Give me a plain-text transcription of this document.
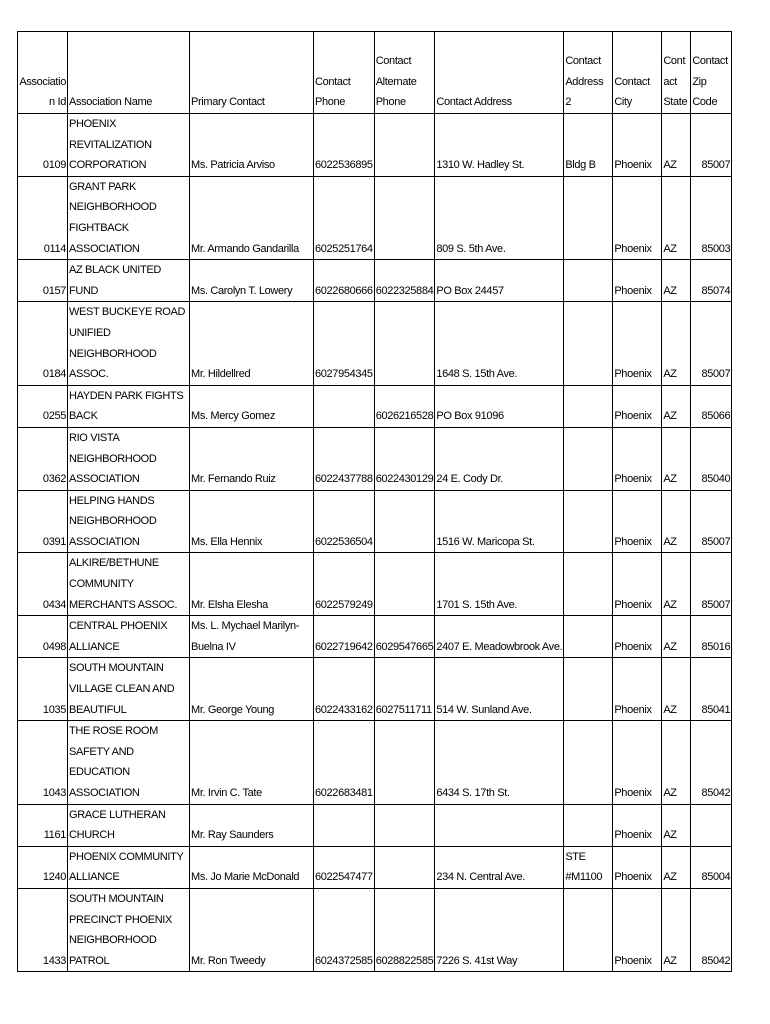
Association Id	Association Name	Primary Contact	Contact Phone	Contact Alternate Phone	Contact Address	Contact Address 2	Contact City	Contact State	Contact Zip Code
0109	PHOENIX REVITALIZATION CORPORATION	Ms. Patricia Arviso	6022536895		1310 W. Hadley St.	Bldg B	Phoenix	AZ	85007
0114	GRANT PARK NEIGHBORHOOD FIGHTBACK ASSOCIATION	Mr. Armando Gandarilla	6025251764		809 S. 5th Ave.		Phoenix	AZ	85003
0157	AZ BLACK UNITED FUND	Ms. Carolyn T. Lowery	6022680666	6022325884	PO Box 24457		Phoenix	AZ	85074
0184	WEST BUCKEYE ROAD UNIFIED NEIGHBORHOOD ASSOC.	Mr. Hildellred	6027954345		1648 S. 15th Ave.		Phoenix	AZ	85007
0255	HAYDEN PARK FIGHTS BACK	Ms. Mercy Gomez		6026216528	PO Box 91096		Phoenix	AZ	85066
0362	RIO VISTA NEIGHBORHOOD ASSOCIATION	Mr. Fernando Ruiz	6022437788	6022430129	24 E. Cody Dr.		Phoenix	AZ	85040
0391	HELPING HANDS NEIGHBORHOOD ASSOCIATION	Ms. Ella Hennix	6022536504		1516 W. Maricopa St.		Phoenix	AZ	85007
0434	ALKIRE/BETHUNE COMMUNITY MERCHANTS ASSOC.	Mr. Elsha Elesha	6022579249		1701 S. 15th Ave.		Phoenix	AZ	85007
0498	CENTRAL PHOENIX ALLIANCE	Ms. L. Mychael Marilyn-Buelna IV	6022719642	6029547665	2407 E. Meadowbrook Ave.		Phoenix	AZ	85016
1035	SOUTH MOUNTAIN VILLAGE CLEAN AND BEAUTIFUL	Mr. George Young	6022433162	6027511711	514 W. Sunland Ave.		Phoenix	AZ	85041
1043	THE ROSE ROOM SAFETY AND EDUCATION ASSOCIATION	Mr. Irvin C. Tate	6022683481		6434 S. 17th St.		Phoenix	AZ	85042
1161	GRACE LUTHERAN CHURCH	Mr. Ray Saunders					Phoenix	AZ	
1240	PHOENIX COMMUNITY ALLIANCE	Ms. Jo Marie McDonald	6022547477		234 N. Central Ave.	STE #M1100	Phoenix	AZ	85004
1433	SOUTH MOUNTAIN PRECINCT PHOENIX NEIGHBORHOOD PATROL	Mr. Ron Tweedy	6024372585	6028822585	7226 S. 41st Way		Phoenix	AZ	85042
